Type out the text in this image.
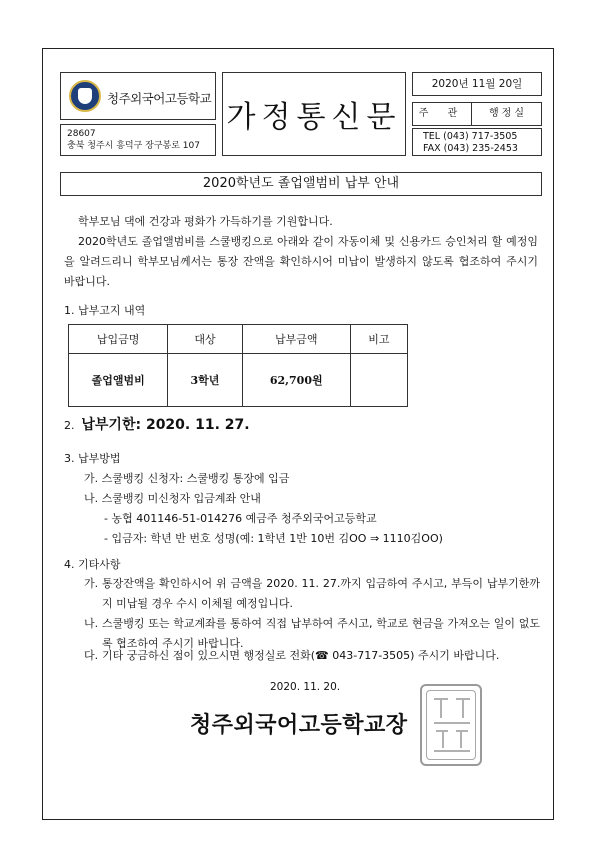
청주외국어고등학교
28607
충북 청주시 흥덕구 장구봉로 107
가정통신문
2020년 11월 20일
주 관	행정실
TEL (043) 717-3505
FAX (043) 235-2453
2020학년도 졸업앨범비 납부 안내

학부모님 댁에 건강과 평화가 가득하기를 기원합니다.

2020학년도 졸업앨범비를 스쿨뱅킹으로 아래와 같이 자동이체 및 신용카드 승인처리 할 예정임을 알려드리니 학부모님께서는 통장 잔액을 확인하시어 미납이 발생하지 않도록 협조하여 주시기 바랍니다.

1. 납부고지 내역
납입금명	대상	납부금액	비고
졸업앨범비	3학년	62,700원	
2. 납부기한: 2020. 11. 27.
3. 납부방법
가. 스쿨뱅킹 신청자: 스쿨뱅킹 통장에 입금
나. 스쿨뱅킹 미신청자 입금계좌 안내
- 농협 401146-51-014276 예금주 청주외국어고등학교
- 입금자: 학년 반 번호 성명(예: 1학년 1반 10번 김OO ⇒ 1110김OO)
4. 기타사항
가. 통장잔액을 확인하시어 위 금액을 2020. 11. 27.까지 입금하여 주시고, 부득이 납부기한까지 미납될 경우 수시 이체될 예정입니다.
나. 스쿨뱅킹 또는 학교계좌를 통하여 직접 납부하여 주시고, 학교로 현금을 가져오는 일이 없도록 협조하여 주시기 바랍니다.
다. 기타 궁금하신 점이 있으시면 행정실로 전화(☎ 043-717-3505) 주시기 바랍니다.
2020. 11. 20.
청주외국어고등학교장
